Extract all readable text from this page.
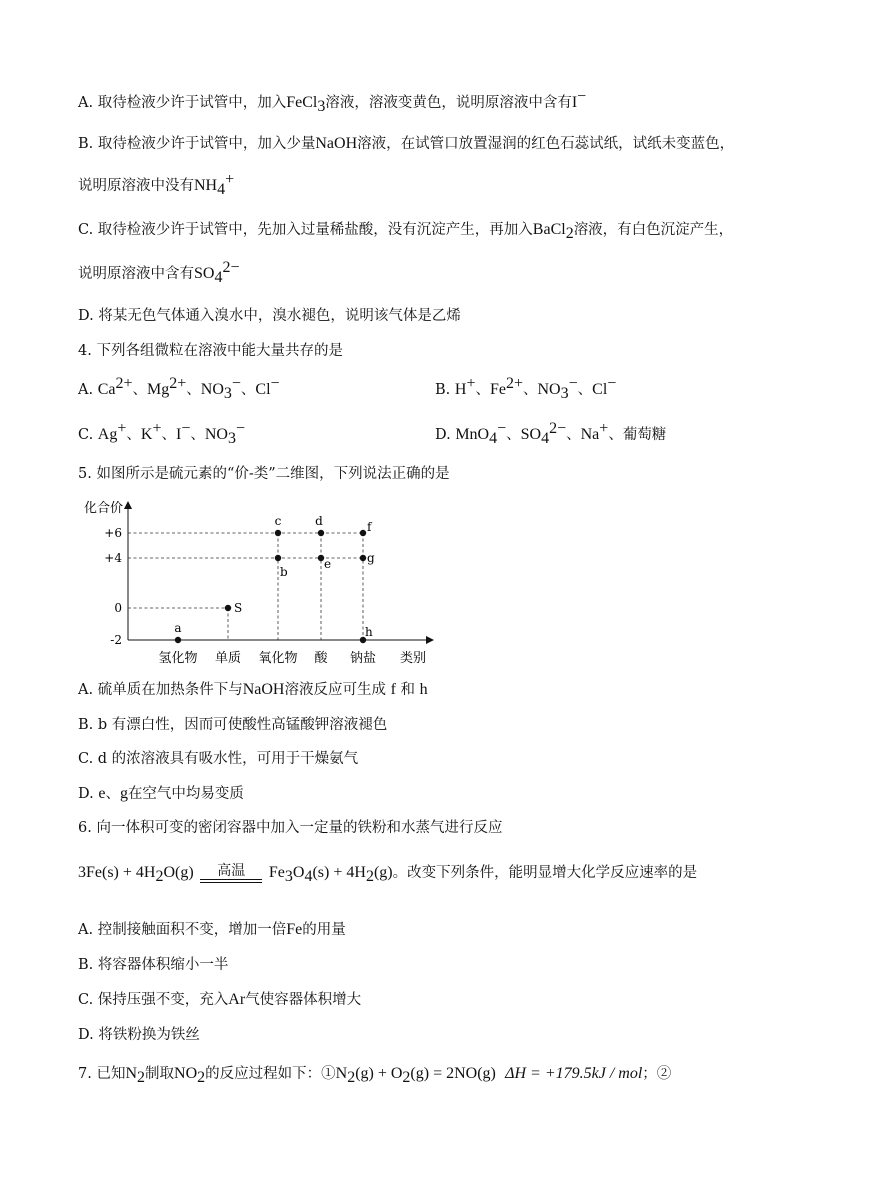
A. 取待检液少许于试管中，加入FeCl$_3$溶液，溶液变黄色，说明原溶液中含有I−
B. 取待检液少许于试管中，加入少量NaOH溶液，在试管口放置湿润的红色石蕊试纸，试纸未变蓝色，
说明原溶液中没有$NH_4^+$
C. 取待检液少许于试管中，先加入过量稀盐酸，没有沉淀产生，再加入BaCl$_2$溶液，有白色沉淀产生，
说明原溶液中含有$SO_4^{2-}$
D. 将某无色气体通入溴水中，溴水褪色，说明该气体是乙烯
4. 下列各组微粒在溶液中能大量共存的是
A. $Ca^{2+}$、$Mg^{2+}$、$NO_3^-$、Cl−	B. H+、$Fe^{2+}$、$NO_3^-$、Cl−
C. Ag+、K+、I−、$NO_3^-$	D. MnO$_4$−、$SO_4^{2-}$、Na+、葡萄糖
5. 如图所示是硫元素的“价-类”二维图，下列说法正确的是
化合价
类别
+6
+4
0
-2
氢化物 单质 氧化物 酸 钠盐
a
S
c
b
d
e
f
g
h
A. 硫单质在加热条件下与NaOH溶液反应可生成 f 和 h
B. b 有漂白性，因而可使酸性高锰酸钾溶液褪色
C. d 的浓溶液具有吸水性，可用于干燥氨气
D. e、g在空气中均易变质
6. 向一体积可变的密闭容器中加入一定量的铁粉和水蒸气进行反应
$3Fe(s) + 4H_2O(g)$	高温	$Fe_3O_4(s) + 4H_2(g)$。改变下列条件，能明显增大化学反应速率的是
A. 控制接触面积不变，增加一倍Fe的用量
B. 将容器体积缩小一半
C. 保持压强不变，充入Ar气使容器体积增大
D. 将铁粉换为铁丝
7. 已知$N_2$制取$NO_2$的反应过程如下：$①N_2(g) + O_2(g) = 2NO(g) \Delta H = +179.5kJ$ / mol；②
